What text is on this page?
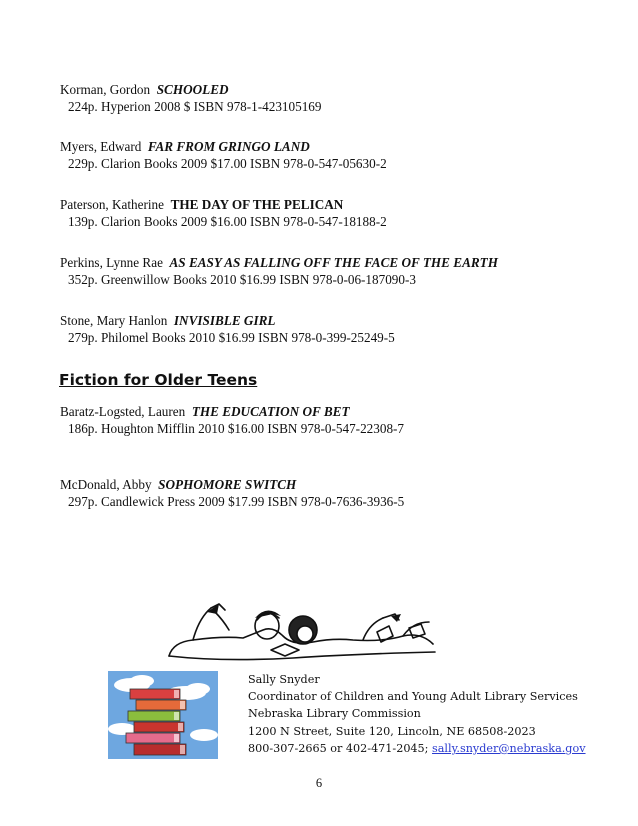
Korman, Gordon SCHOOLED
224p. Hyperion 2008 $ ISBN 978-1-423105169
Myers, Edward FAR FROM GRINGO LAND
229p. Clarion Books 2009 $17.00 ISBN 978-0-547-05630-2
Paterson, Katherine THE DAY OF THE PELICAN
139p. Clarion Books 2009 $16.00 ISBN 978-0-547-18188-2
Perkins, Lynne Rae AS EASY AS FALLING OFF THE FACE OF THE EARTH
352p. Greenwillow Books 2010 $16.99 ISBN 978-0-06-187090-3
Stone, Mary Hanlon INVISIBLE GIRL
279p. Philomel Books 2010 $16.99 ISBN 978-0-399-25249-5
Fiction for Older Teens
Baratz-Logsted, Lauren THE EDUCATION OF BET
186p. Houghton Mifflin 2010 $16.00 ISBN 978-0-547-22308-7
McDonald, Abby SOPHOMORE SWITCH
297p. Candlewick Press 2009 $17.99 ISBN 978-0-7636-3936-5
Sally Snyder
Coordinator of Children and Young Adult Library Services
Nebraska Library Commission
1200 N Street, Suite 120, Lincoln, NE 68508-2023
800-307-2665 or 402-471-2045; sally.snyder@nebraska.gov
6
